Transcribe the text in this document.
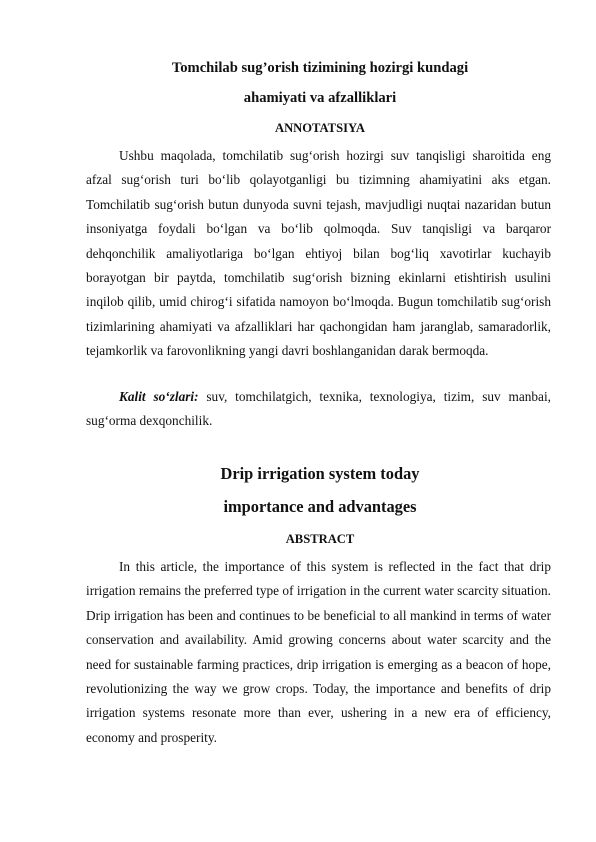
Tomchilab sug’orish tizimining hozirgi kundagi
ahamiyati va afzalliklari
ANNOTATSIYA

Ushbu maqolada, tomchilatib sug‘orish hozirgi suv tanqisligi sharoitida eng afzal sug‘orish turi bo‘lib qolayotganligi bu tizimning ahamiyatini aks etgan. Tomchilatib sug‘orish butun dunyoda suvni tejash, mavjudligi nuqtai nazaridan butun insoniyatga foydali bo‘lgan va bo‘lib qolmoqda. Suv tanqisligi va barqaror dehqonchilik amaliyotlariga bo‘lgan ehtiyoj bilan bog‘liq xavotirlar kuchayib borayotgan bir paytda, tomchilatib sug‘orish bizning ekinlarni etishtirish usulini inqilob qilib, umid chirog‘i sifatida namoyon bo‘lmoqda. Bugun tomchilatib sug‘orish tizimlarining ahamiyati va afzalliklari har qachongidan ham jaranglab, samaradorlik, tejamkorlik va farovonlikning yangi davri boshlanganidan darak bermoqda.

Kalit so‘zlari: suv, tomchilatgich, texnika, texnologiya, tizim, suv manbai, sug‘orma dexqonchilik.

Drip irrigation system today
importance and advantages
ABSTRACT

In this article, the importance of this system is reflected in the fact that drip irrigation remains the preferred type of irrigation in the current water scarcity situation. Drip irrigation has been and continues to be beneficial to all mankind in terms of water conservation and availability. Amid growing concerns about water scarcity and the need for sustainable farming practices, drip irrigation is emerging as a beacon of hope, revolutionizing the way we grow crops. Today, the importance and benefits of drip irrigation systems resonate more than ever, ushering in a new era of efficiency, economy and prosperity.
